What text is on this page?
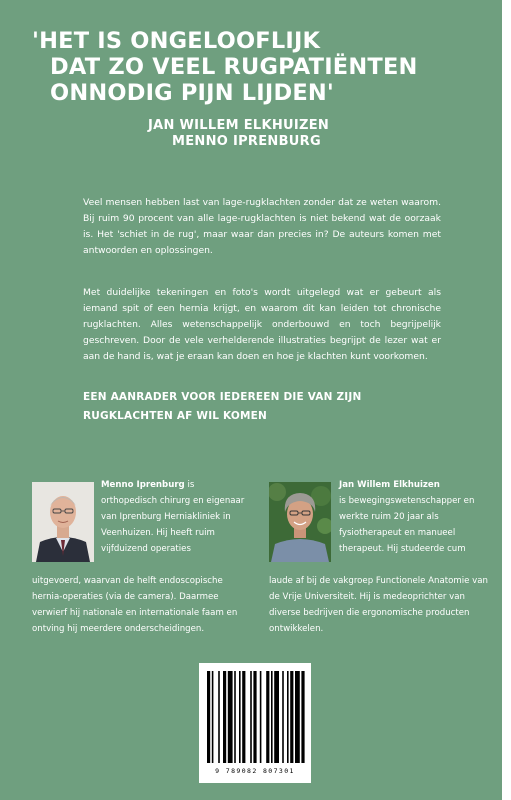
'HET IS ONGELOOFLIJK
DAT ZO VEEL RUGPATIËNTEN
ONNODIG PIJN LIJDEN'
JAN WILLEM ELKHUIZEN
MENNO IPRENBURG
Veel mensen hebben last van lage-rugklachten zonder dat ze weten waarom. Bij ruim 90 procent van alle lage-rugklachten is niet bekend wat de oorzaak is. Het 'schiet in de rug', maar waar dan precies in? De auteurs komen met antwoorden en oplossingen.
Met duidelijke tekeningen en foto's wordt uitgelegd wat er gebeurt als iemand spit of een hernia krijgt, en waarom dit kan leiden tot chronische rugklachten. Alles wetenschappelijk onderbouwd en toch begrijpelijk geschreven. Door de vele verhelderende illustraties begrijpt de lezer wat er aan de hand is, wat je eraan kan doen en hoe je klachten kunt voorkomen.
EEN AANRADER VOOR IEDEREEN DIE VAN ZIJN RUGKLACHTEN AF WIL KOMEN
Menno Iprenburg is orthopedisch chirurg en eigenaar van Iprenburg Herniakliniek in Veenhuizen. Hij heeft ruim vijfduizend operaties
uitgevoerd, waarvan de helft endoscopische hernia-operaties (via de camera). Daarmee verwierf hij nationale en internationale faam en ontving hij meerdere onderscheidingen.
Jan Willem Elkhuizen
is bewegingswetenschapper en werkte ruim 20 jaar als fysiotherapeut en manueel therapeut. Hij studeerde cum
laude af bij de vakgroep Functionele Anatomie van de Vrije Universiteit. Hij is medeoprichter van diverse bedrijven die ergonomische producten ontwikkelen.
9 789082 807301
